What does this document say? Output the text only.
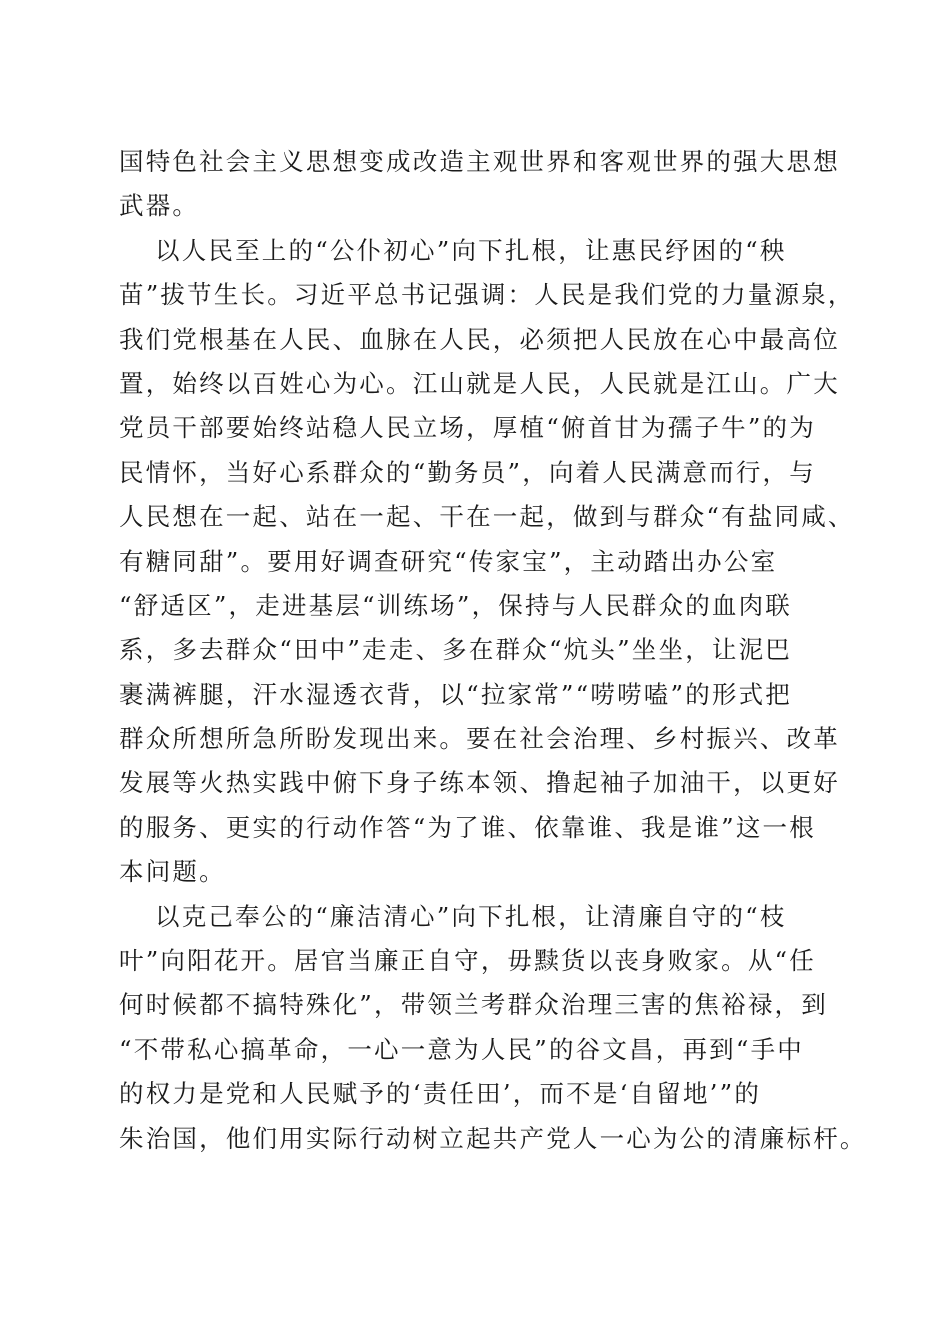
国特色社会主义思想变成改造主观世界和客观世界的强大思想
武器。
以人民至上的“公仆初心”向下扎根，让惠民纾困的“秧
苗”拔节生长。习近平总书记强调：人民是我们党的力量源泉，
我们党根基在人民、血脉在人民，必须把人民放在心中最高位
置，始终以百姓心为心。江山就是人民，人民就是江山。广大
党员干部要始终站稳人民立场，厚植“俯首甘为孺子牛”的为
民情怀，当好心系群众的“勤务员”，向着人民满意而行，与
人民想在一起、站在一起、干在一起，做到与群众“有盐同咸、
有糖同甜”。要用好调查研究“传家宝”，主动踏出办公室
“舒适区”，走进基层“训练场”，保持与人民群众的血肉联
系，多去群众“田中”走走、多在群众“炕头”坐坐，让泥巴
裹满裤腿，汗水湿透衣背，以“拉家常”“唠唠嗑”的形式把
群众所想所急所盼发现出来。要在社会治理、乡村振兴、改革
发展等火热实践中俯下身子练本领、撸起袖子加油干，以更好
的服务、更实的行动作答“为了谁、依靠谁、我是谁”这一根
本问题。
以克己奉公的“廉洁清心”向下扎根，让清廉自守的“枝
叶”向阳花开。居官当廉正自守，毋黩货以丧身败家。从“任
何时候都不搞特殊化”，带领兰考群众治理三害的焦裕禄，到
“不带私心搞革命，一心一意为人民”的谷文昌，再到“手中
的权力是党和人民赋予的‘责任田’，而不是‘自留地’”的
朱治国，他们用实际行动树立起共产党人一心为公的清廉标杆。
